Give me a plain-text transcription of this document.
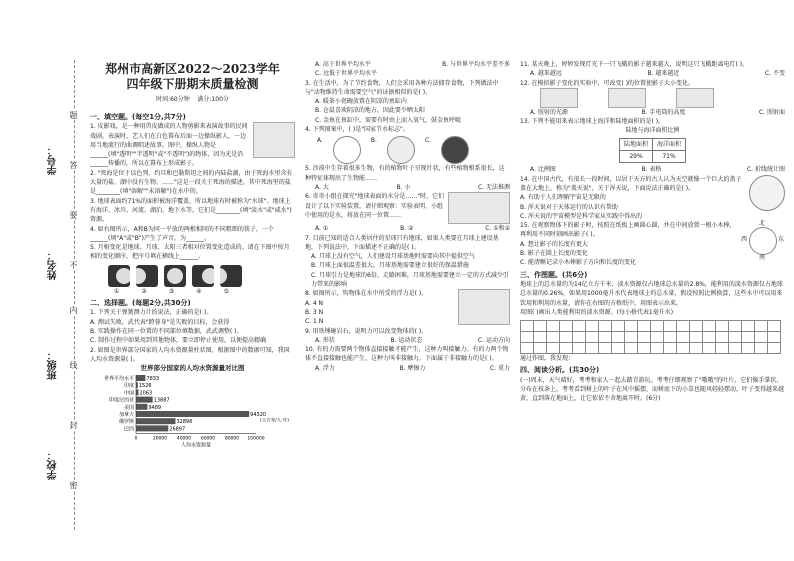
学号：
姓名：
班级：
学校：
题
答
要
不
内
线
封
密
郑州市高新区2022～2023学年
四年级下册期末质量检测
时间:60分钟 满分:100分
一、填空题。(每空1分,共7分)

1. 皮影戏，是一种用兽皮做成的人物剪影来表演故事的民间戏剧。表演时，艺人们在白色幕布后面一边操纵影人，一边用当地流行的曲调唱述故事。图中，操纵人物是______(填"透明""半透明"或"不透明")的物体，因为光是沿______传播的，所以在幕布上形成影子。

2. "死海是位于以色列、约旦和巴勒斯坦之间的内陆盐湖，由于死海水里含有大量的盐，湖中没有生物。……"这是一段关于死海的描述，其中死海里的盐是________(填"溶解""未溶解")在水中的。

3. 地球表面约71%的面积被海洋覆盖，所以地球有时被称为"水球"。地球上有海洋、冰川、河流、湖泊、地下水等，它们是________(填"淡水"或"咸水")资源。

4. 如右图所示，A和B为同一平放的两根相同的不同粗细的筷子，一个______(填"A"或"B")产生了声音，为______。

5. 月相变化是地球、月球、太阳三者相对位置变化造成的。请在下图中按月相的变化顺序，把序号填在横线上______。

①	②	③	④	⑤
二、选择题。(每题2分,共30分)

1. 下列关于弹簧测力计的说法，正确的是( )。

A. 测试失败，武代表"跨蓉身"是失败的目标，会获得

B. 实践操作在同一位置的不同部位填数据，武武调整( )。

C. 制作过程中如果用到其他物体，要立即停止使用，以便提高精确

2. 如图是世界部分国家的人均水资源量柱状图，根据图中的数据可知，我国人均水资源量( )。

世界部分国家的人均水资源量对比图
世界平均水平 7833
印度 1526
中国 2063
印度尼西亚	13887
美国	9489
加拿大	94320
俄罗斯	32896
巴西	26897
0	20000 40000 60000 80000 100000
人均水资源量
(立方米/人·年)
A. 高于世界平均水平	B. 与世界平均水平差不多

C. 远低于世界平均水平

3. 在生活中，为了节约食物，人们会采用各种方法储存食物，下列做法中与"动物维持生命需要空气"的证据相似的是( )。

A. 暖茶小瓷碗放置在阴凉的鱼缸内

B. 仓鼠喜欢阴凉的地方，因此要少晒太阳

C. 金鱼在鱼缸中，需要有时由上而入氧气，鼓金鱼呼吸

4. 下列图案中，( )是"国家节水标志"。

A.	B.	C.

5. 沙漠中生存着很多生物，有的植物叶子呈现针状，有些植物根系很长，这种特征体现出了生物能……

A. 大	B. 小	C. 无法推测

6. 奇奇小组在探究"地球表面的水分是……"时，它们设计了以下实验装置，请仔细观察：实验表明，小组中使用的是水，将放在同一位置……

A. ①	B. ②	C. ①和②

7. 目前已知的适合人类居住的星球只有地球，如果人类要在月球上建设基地，下列说法中，下面描述不正确的是( )。

A. 月球上没有空气，人们建设月球基地时需要向其中提供空气

B. 月球上面很温差很大，月球基地需要建立很好的保温措施

C. 月球引力是地球的6倍，走路困难，月球基地需要建立一定的方式减少引力带来的影响

8. 如图所示，钩物体在水中所受的浮力是( )。

A. 4 N

B. 3 N

C. 1 N

9. 用铁锤砸岩石，说明力可以改变物体的( )。

A. 形状	B. 运动状态	C. 运动方向

10. 有的力需要两个物体直接接触才能产生，这种力叫接触力。有的力两个物体不直接接触也能产生，这种力叫非接触力。下面属于非接触力的是( )。

A. 浮力	B. 摩擦力	C. 重力

11. 某天晚上，婷婷发现灯光下一只飞蛾的影子越来越大，说明这只飞蛾距离电灯( )。

A. 越来越远	B. 越来越近	C. 不变

12. 在模拟影子变化的实验中，可改变( )的位置使影子大小变化。

A. 照射的光源	B. 手电筒的高度	C. 照射面

13. 下列不能用来表示地球上海洋和陆地面积的是( )。

陆地与海洋面积比例
陆地面积	海洋面积
29%	71%
A. 比例图	B. 表格	C. 折线统计图

14. 在中国古代，有很长一段时间，以居于天方的古人认为天空就像一个巨大的盖子盖在大地上，称为"盖天说"，关于浑天说，下面说法正确的是( )。

A. 有助于人们理解宇宙是无限的

B. 浑天说对于天体运行的认识有帮助

C. 浑天说的宇宙模型是科学家从实践中得出的

15. 在观察物体下的影子时，按照在纸板上画圆心圆，并在中间放置一根小木棒，再利用不同时刻画出影子( )。

A. 想让影子的长度有更大

B. 影子在圆上长度的变化

C. 能清晰记录小木棒影子方向和长度的变化

北
南
东
西
三、作图题。(共6分)

地球上的总水量约为14亿立方千米，淡水资源仅占地球总水量的2.8%，能利用的淡水资源仅占地球总水量的0.26%，如果用1000毫升水代表地球上的总水量，假设按照比例换算，这些水中可以用来饮用和利用的水量，请你在右图的方格纸中，用图表示出来。

用图( )画出人类能利用的淡水资源。(每小格代表1毫升水)

通过作图，我发现：

四、阅读分析。(共30分)

(一)周末，天气晴好，考考和家人一起去踏青游玩。考考仔细观察了"哦哦"的叶片，它们像手掌状，分布在枝条上，考考看到树上的叶子在风中摇摆，而树底下的小草也随风轻轻摆动，叶子变得越来越黄，直到落在地面上，让它依依不舍地离开时。(6分)
